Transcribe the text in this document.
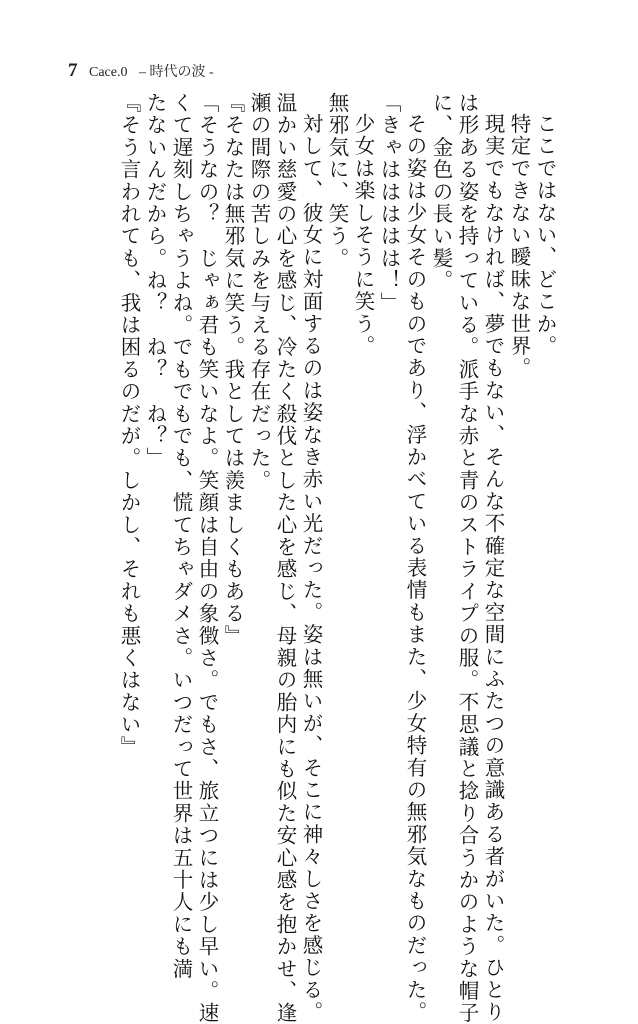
7 Cace.0 – 時代の波 -

ここではない、どこか。

特定できない曖昧な世界。

現実でもなければ、夢でもない、そんな不確定な空間にふたつの意識ある者がいた。ひとり

は形ある姿を持っている。派手な赤と青のストライプの服。不思議と捻り合うかのような帽子

に、金色の長い髪。

その姿は少女そのものであり、浮かべている表情もまた、少女特有の無邪気なものだった。

「きゃははははは！」

少女は楽しそうに笑う。

無邪気に、笑う。

対して、彼女に対面するのは姿なき赤い光だった。姿は無いが、そこに神々しさを感じる。

温かい慈愛の心を感じ、冷たく殺伐とした心を感じ、母親の胎内にも似た安心感を抱かせ、逢

瀬の間際の苦しみを与える存在だった。

『そなたは無邪気に笑う。我としては羨ましくもある』

「そうなの？　じゃぁ君も笑いなよ。笑顔は自由の象徴さ。でもさ、旅立つには少し早い。速

くて遅刻しちゃうよね。でもでもでも、慌てちゃダメさ。いつだって世界は五十人にも満

たないんだから。ね？　ね？　ね？」

『そう言われても、我は困るのだが。しかし、それも悪くはない』
